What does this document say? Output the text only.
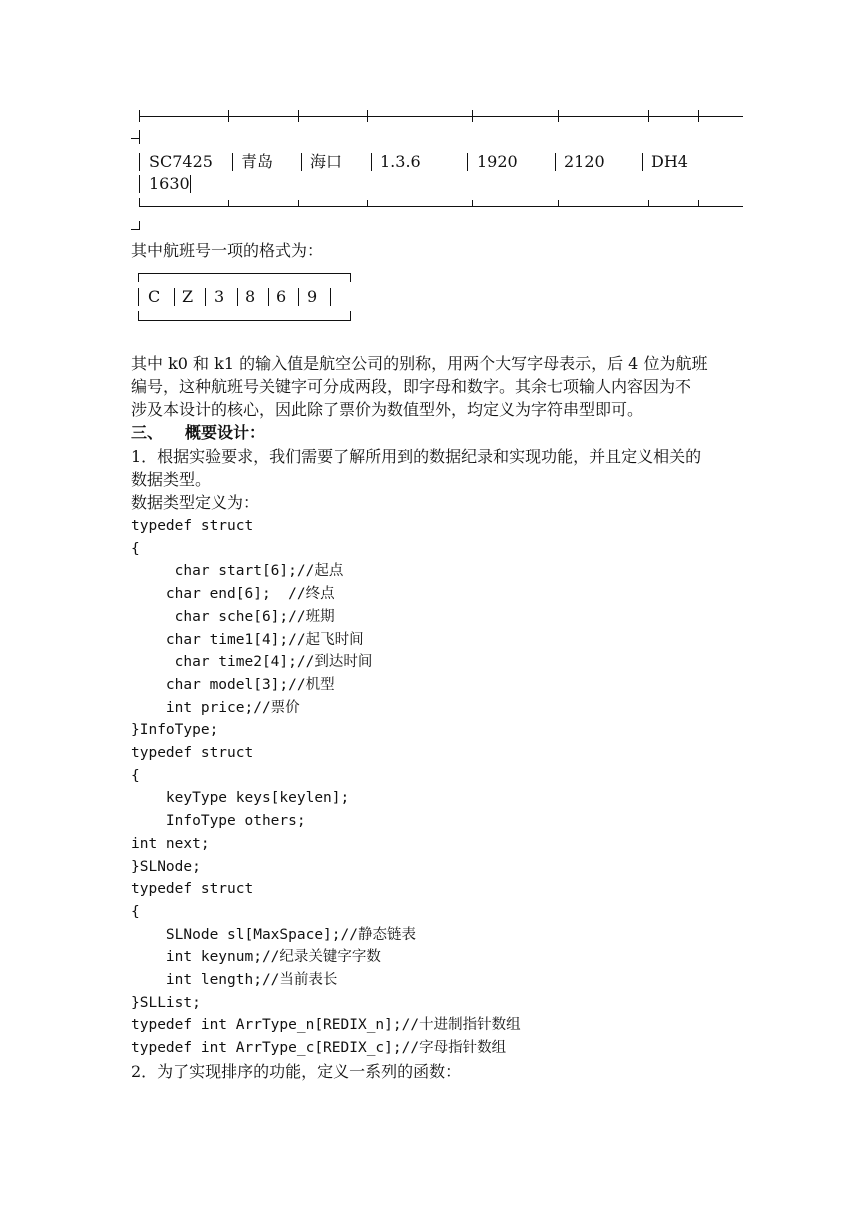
SC7425 青岛 海口 1.3.6	1920	2120	DH4
1630
其中航班号一项的格式为：
C Z 3 8 6 9
其中 k0 和 k1 的输入值是航空公司的别称，用两个大写字母表示，后 4 位为航班
编号，这种航班号关键字可分成两段，即字母和数字。其余七项输人内容因为不
涉及本设计的核心，因此除了票价为数值型外，均定义为字符串型即可。
三、 概要设计：
1．根据实验要求，我们需要了解所用到的数据纪录和实现功能，并且定义相关的
数据类型。
数据类型定义为：
typedef struct
{
char start[6];//起点
char end[6];  //终点
char sche[6];//班期
char time1[4];//起飞时间
char time2[4];//到达时间
char model[3];//机型
int price;//票价
}InfoType;
typedef struct
{
keyType keys[keylen];
InfoType others;
int next;
}SLNode;
typedef struct
{
SLNode sl[MaxSpace];//静态链表
int keynum;//纪录关键字字数
int length;//当前表长
}SLList;
typedef int ArrType_n[REDIX_n];//十进制指针数组
typedef int ArrType_c[REDIX_c];//字母指针数组
2．为了实现排序的功能，定义一系列的函数：
